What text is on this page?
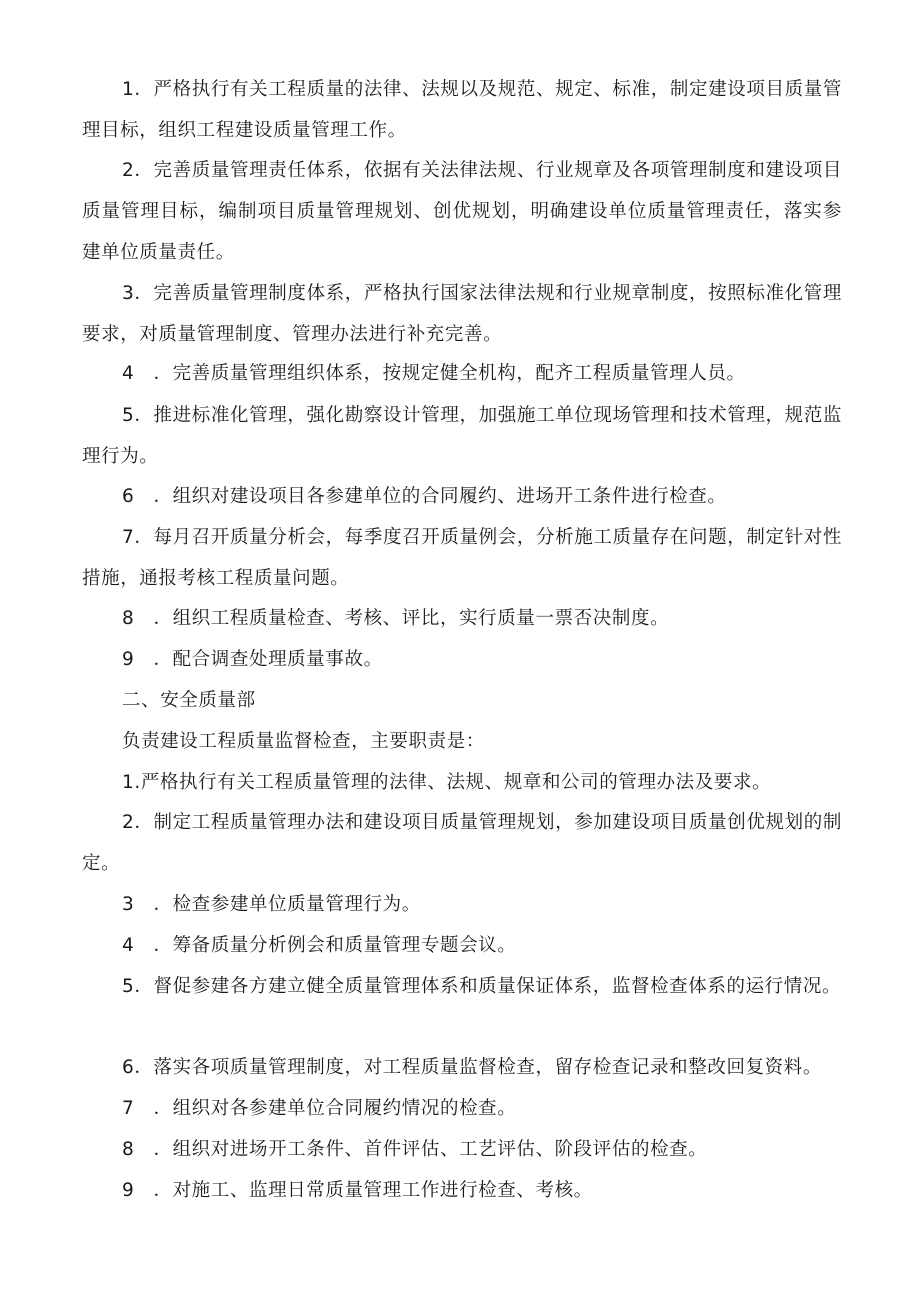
1．严格执行有关工程质量的法律、法规以及规范、规定、标准，制定建设项目质量管理目标，组织工程建设质量管理工作。
2．完善质量管理责任体系，依据有关法律法规、行业规章及各项管理制度和建设项目质量管理目标，编制项目质量管理规划、创优规划，明确建设单位质量管理责任，落实参建单位质量责任。
3．完善质量管理制度体系，严格执行国家法律法规和行业规章制度，按照标准化管理要求，对质量管理制度、管理办法进行补充完善。
4　．完善质量管理组织体系，按规定健全机构，配齐工程质量管理人员。
5．推进标准化管理，强化勘察设计管理，加强施工单位现场管理和技术管理，规范监理行为。
6　．组织对建设项目各参建单位的合同履约、进场开工条件进行检查。
7．每月召开质量分析会，每季度召开质量例会，分析施工质量存在问题，制定针对性措施，通报考核工程质量问题。
8　．组织工程质量检查、考核、评比，实行质量一票否决制度。
9　．配合调查处理质量事故。
二、安全质量部
负责建设工程质量监督检查，主要职责是：
1.严格执行有关工程质量管理的法律、法规、规章和公司的管理办法及要求。
2．制定工程质量管理办法和建设项目质量管理规划，参加建设项目质量创优规划的制定。
3　．检查参建单位质量管理行为。
4　．筹备质量分析例会和质量管理专题会议。
5．督促参建各方建立健全质量管理体系和质量保证体系，监督检查体系的运行情况。
6．落实各项质量管理制度，对工程质量监督检查，留存检查记录和整改回复资料。
7　．组织对各参建单位合同履约情况的检查。
8　．组织对进场开工条件、首件评估、工艺评估、阶段评估的检查。
9　．对施工、监理日常质量管理工作进行检查、考核。
